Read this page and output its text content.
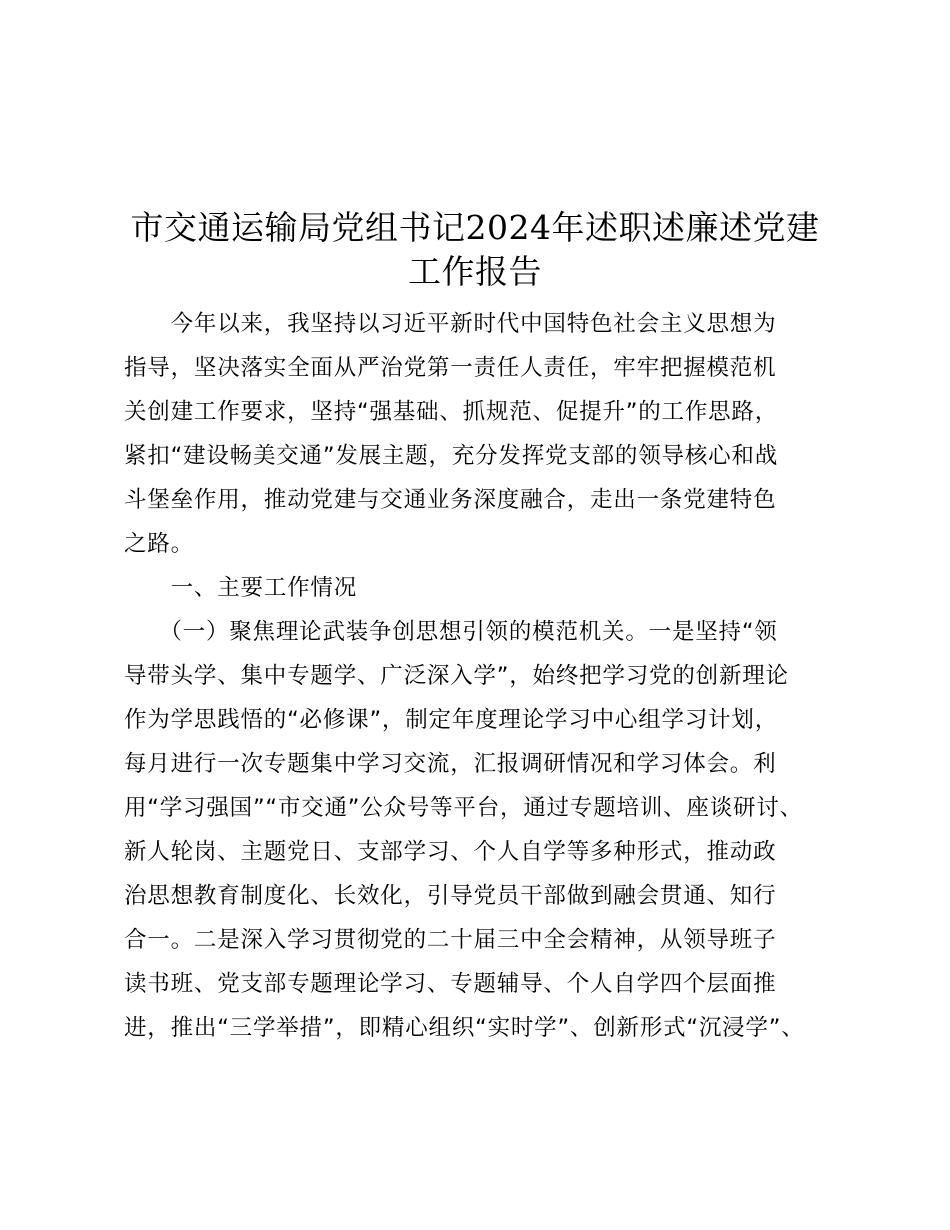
市交通运输局党组书记2024年述职述廉述党建
工作报告

　　今年以来，我坚持以习近平新时代中国特色社会主义思想为
指导，坚决落实全面从严治党第一责任人责任，牢牢把握模范机
关创建工作要求，坚持“强基础、抓规范、促提升”的工作思路，
紧扣“建设畅美交通”发展主题，充分发挥党支部的领导核心和战
斗堡垒作用，推动党建与交通业务深度融合，走出一条党建特色
之路。

　　一、主要工作情况

　　（一）聚焦理论武装争创思想引领的模范机关。一是坚持“领
导带头学、集中专题学、广泛深入学”，始终把学习党的创新理论
作为学思践悟的“必修课”，制定年度理论学习中心组学习计划，
每月进行一次专题集中学习交流，汇报调研情况和学习体会。利
用“学习强国”“市交通”公众号等平台，通过专题培训、座谈研讨、
新人轮岗、主题党日、支部学习、个人自学等多种形式，推动政
治思想教育制度化、长效化，引导党员干部做到融会贯通、知行
合一。二是深入学习贯彻党的二十届三中全会精神，从领导班子
读书班、党支部专题理论学习、专题辅导、个人自学四个层面推
进，推出“三学举措”，即精心组织“实时学”、创新形式“沉浸学”、
